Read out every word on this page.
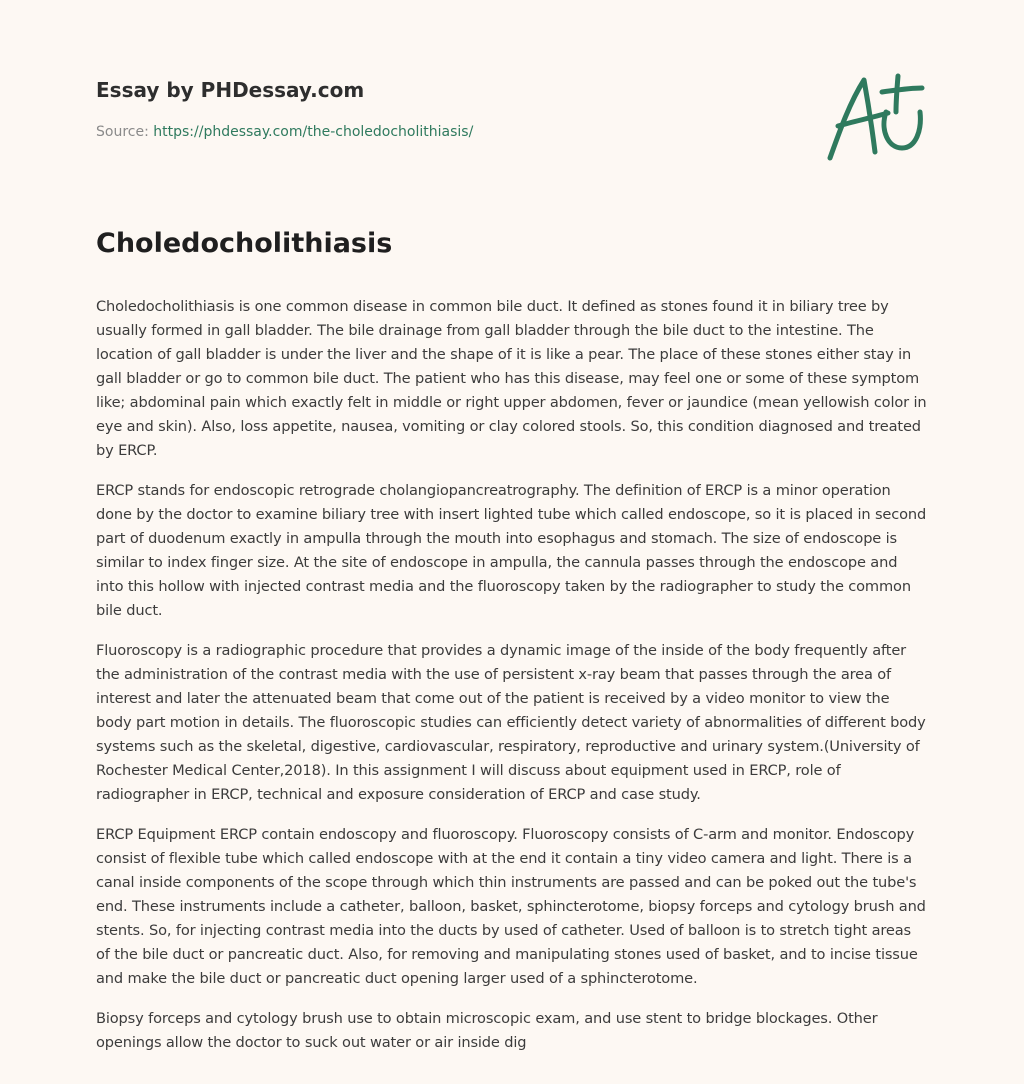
Essay by PHDessay.com
Source: https://phdessay.com/the-choledocholithiasis/
Choledocholithiasis

Choledocholithiasis is one common disease in common bile duct. It defined as stones found it in biliary tree by usually formed in gall bladder. The bile drainage from gall bladder through the bile duct to the intestine. The location of gall bladder is under the liver and the shape of it is like a pear. The place of these stones either stay in gall bladder or go to common bile duct. The patient who has this disease, may feel one or some of these symptom like; abdominal pain which exactly felt in middle or right upper abdomen, fever or jaundice (mean yellowish color in eye and skin). Also, loss appetite, nausea, vomiting or clay colored stools. So, this condition diagnosed and treated by ERCP.

ERCP stands for endoscopic retrograde cholangiopancreatrography. The definition of ERCP is a minor operation done by the doctor to examine biliary tree with insert lighted tube which called endoscope, so it is placed in second part of duodenum exactly in ampulla through the mouth into esophagus and stomach. The size of endoscope is similar to index finger size. At the site of endoscope in ampulla, the cannula passes through the endoscope and into this hollow with injected contrast media and the fluoroscopy taken by the radiographer to study the common bile duct.

Fluoroscopy is a radiographic procedure that provides a dynamic image of the inside of the body frequently after the administration of the contrast media with the use of persistent x-ray beam that passes through the area of interest and later the attenuated beam that come out of the patient is received by a video monitor to view the body part motion in details. The fluoroscopic studies can efficiently detect variety of abnormalities of different body systems such as the skeletal, digestive, cardiovascular, respiratory, reproductive and urinary system.(University of Rochester Medical Center,2018). In this assignment I will discuss about equipment used in ERCP, role of radiographer in ERCP, technical and exposure consideration of ERCP and case study.

ERCP Equipment ERCP contain endoscopy and fluoroscopy. Fluoroscopy consists of C-arm and monitor. Endoscopy consist of flexible tube which called endoscope with at the end it contain a tiny video camera and light. There is a canal inside components of the scope through which thin instruments are passed and can be poked out the tube's end. These instruments include a catheter, balloon, basket, sphincterotome, biopsy forceps and cytology brush and stents. So, for injecting contrast media into the ducts by used of catheter. Used of balloon is to stretch tight areas of the bile duct or pancreatic duct. Also, for removing and manipulating stones used of basket, and to incise tissue and make the bile duct or pancreatic duct opening larger used of a sphincterotome.

Biopsy forceps and cytology brush use to obtain microscopic exam, and use stent to bridge blockages. Other openings allow the doctor to suck out water or air inside dig
